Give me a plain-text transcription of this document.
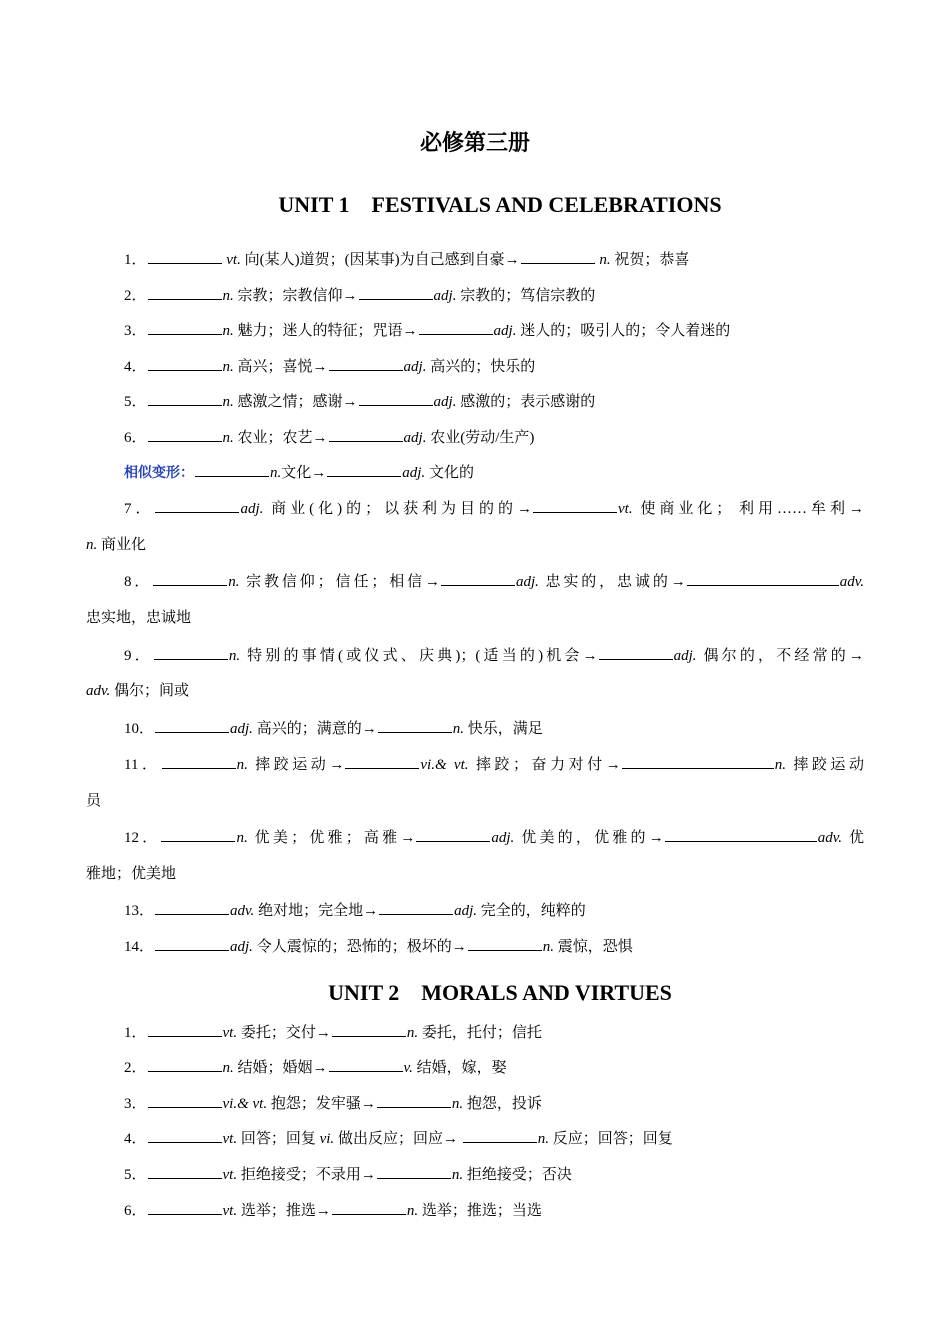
必修第三册
UNIT 1    FESTIVALS AND CELEBRATIONS
1．	vt. 向(某人)道贺；(因某事)为自己感到自豪→	n. 祝贺；恭喜
2．	n. 宗教；宗教信仰→	adj. 宗教的；笃信宗教的
3．	n. 魅力；迷人的特征；咒语→	adj. 迷人的；吸引人的；令人着迷的
4．	n. 高兴；喜悦→	adj. 高兴的；快乐的
5．	n. 感激之情；感谢→	adj. 感激的；表示感谢的
6．	n. 农业；农艺→	adj. 农业(劳动/生产)
相似变形：	n.文化→	adj. 文化的
7．	adj. 商业(化)的；以获利为目的的→	vt. 使商业化； 利用……牟利→
n. 商业化
8．	n. 宗教信仰；信任；相信→	adj. 忠实的，忠诚的→	adv.
忠实地，忠诚地
9．	n. 特别的事情(或仪式、庆典)；(适当的)机会→	adj. 偶尔的，不经常的→
adv. 偶尔；间或
10．	adj. 高兴的；满意的→	n. 快乐，满足
11．	n. 摔跤运动→	vi.& vt. 摔跤；奋力对付→	n. 摔跤运动
员
12．	n. 优美；优雅；高雅→	adj. 优美的，优雅的→	adv. 优
雅地；优美地
13．	adv. 绝对地；完全地→	adj. 完全的，纯粹的
14．	adj. 令人震惊的；恐怖的；极坏的→	n. 震惊，恐惧
UNIT 2    MORALS AND VIRTUES
1．	vt. 委托；交付→	n. 委托，托付；信托
2．	n. 结婚；婚姻→	v. 结婚，嫁，娶
3．	vi.& vt. 抱怨；发牢骚→	n. 抱怨，投诉
4．	vt. 回答；回复 vi. 做出反应；回应→	n. 反应；回答；回复
5．	vt. 拒绝接受；不录用→	n. 拒绝接受；否决
6．	vt. 选举；推选→	n. 选举；推选；当选
